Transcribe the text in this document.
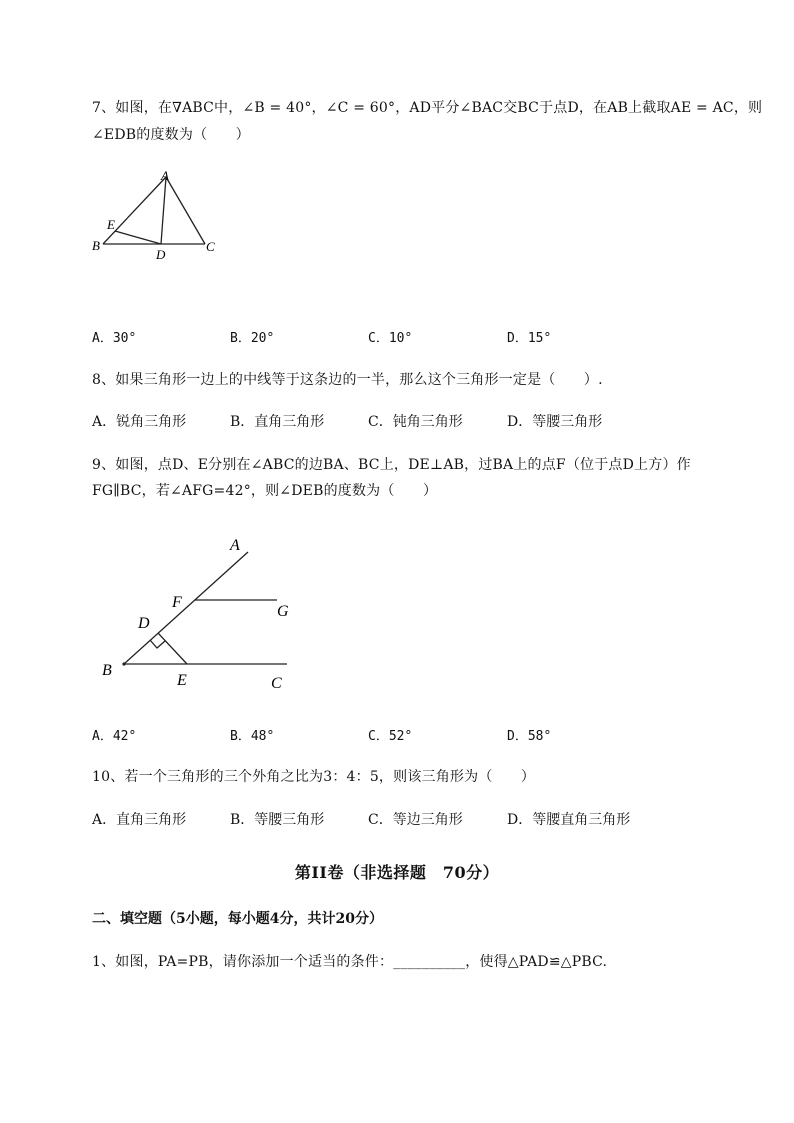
7、如图，在∇ABC中，∠B = 40°，∠C = 60°，AD平分∠BAC交BC于点D，在AB上截取AE = AC，则
∠EDB的度数为（　　）
A
E
B
D
C
A．30°	B．20°	C．10°	D．15°
8、如果三角形一边上的中线等于这条边的一半，那么这个三角形一定是（　　）.
A．锐角三角形	B．直角三角形	C．钝角三角形	D．等腰三角形
9、如图，点D、E分别在∠ABC的边BA、BC上，DE⊥AB，过BA上的点F（位于点D上方）作
FG∥BC，若∠AFG=42°，则∠DEB的度数为（　　）
A
F
G
D
B
E	C
A．42°	B．48°	C．52°	D．58°
10、若一个三角形的三个外角之比为3：4：5，则该三角形为（　　）
A．直角三角形	B．等腰三角形	C．等边三角形	D．等腰直角三角形
第II卷（非选择题　70分）
二、填空题（5小题，每小题4分，共计20分）
1、如图，PA=PB，请你添加一个适当的条件：__________，使得△PAD≌△PBC.
